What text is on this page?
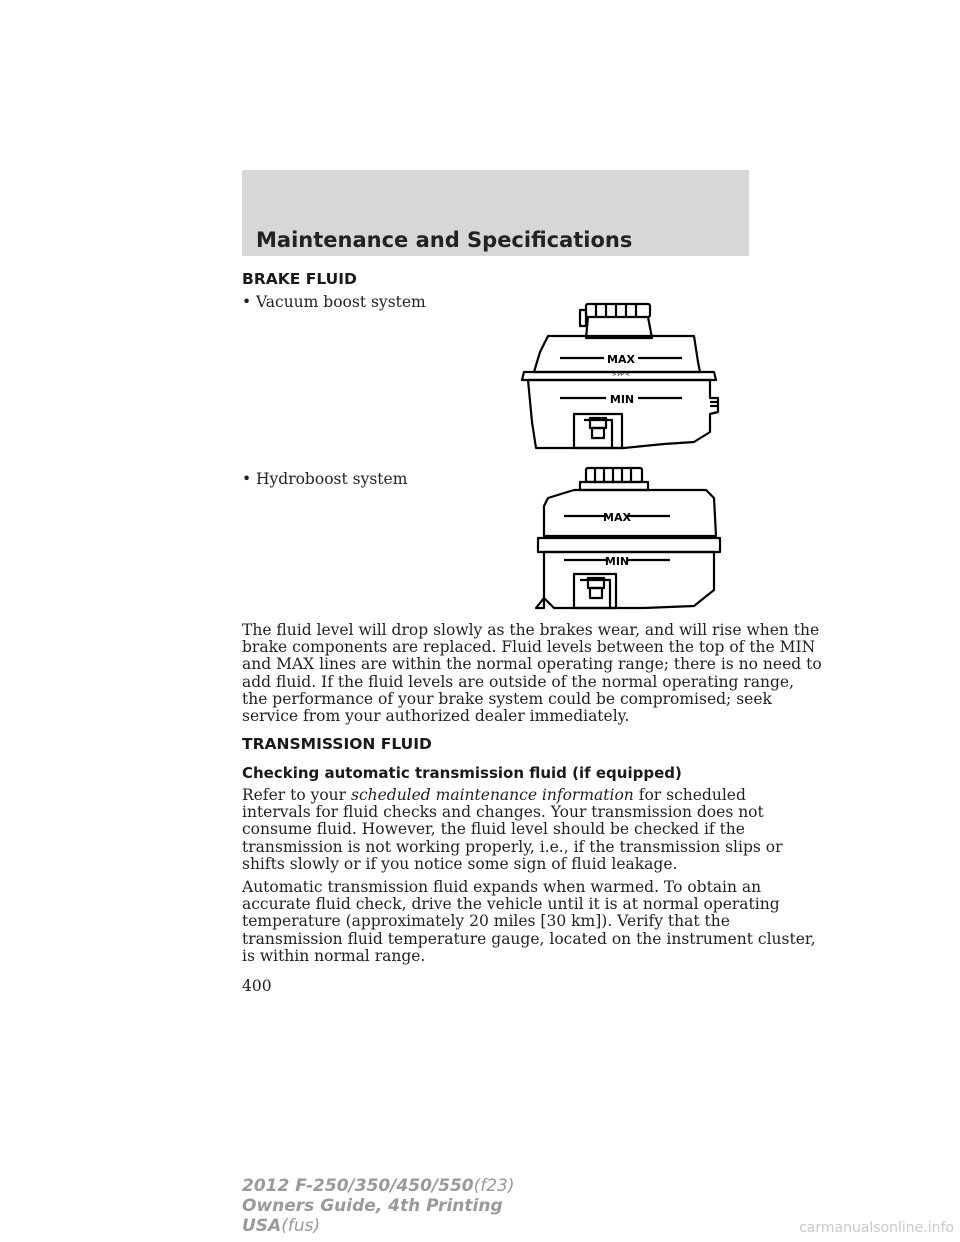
Maintenance and Specifications
BRAKE FLUID
• Vacuum boost system
MAX
> PP <
MIN
• Hydroboost system
MAX
> PP <
MIN
The fluid level will drop slowly as the brakes wear, and will rise when the
brake components are replaced. Fluid levels between the top of the MIN
and MAX lines are within the normal operating range; there is no need to
add fluid. If the fluid levels are outside of the normal operating range,
the performance of your brake system could be compromised; seek
service from your authorized dealer immediately.
TRANSMISSION FLUID
Checking automatic transmission fluid (if equipped)
Refer to your scheduled maintenance information for scheduled
intervals for fluid checks and changes. Your transmission does not
consume fluid. However, the fluid level should be checked if the
transmission is not working properly, i.e., if the transmission slips or
shifts slowly or if you notice some sign of fluid leakage.
Automatic transmission fluid expands when warmed. To obtain an
accurate fluid check, drive the vehicle until it is at normal operating
temperature (approximately 20 miles [30 km]). Verify that the
transmission fluid temperature gauge, located on the instrument cluster,
is within normal range.
400
2012 F-250/350/450/550(f23)
Owners Guide, 4th Printing
USA(fus)	carmanualsonline.info
